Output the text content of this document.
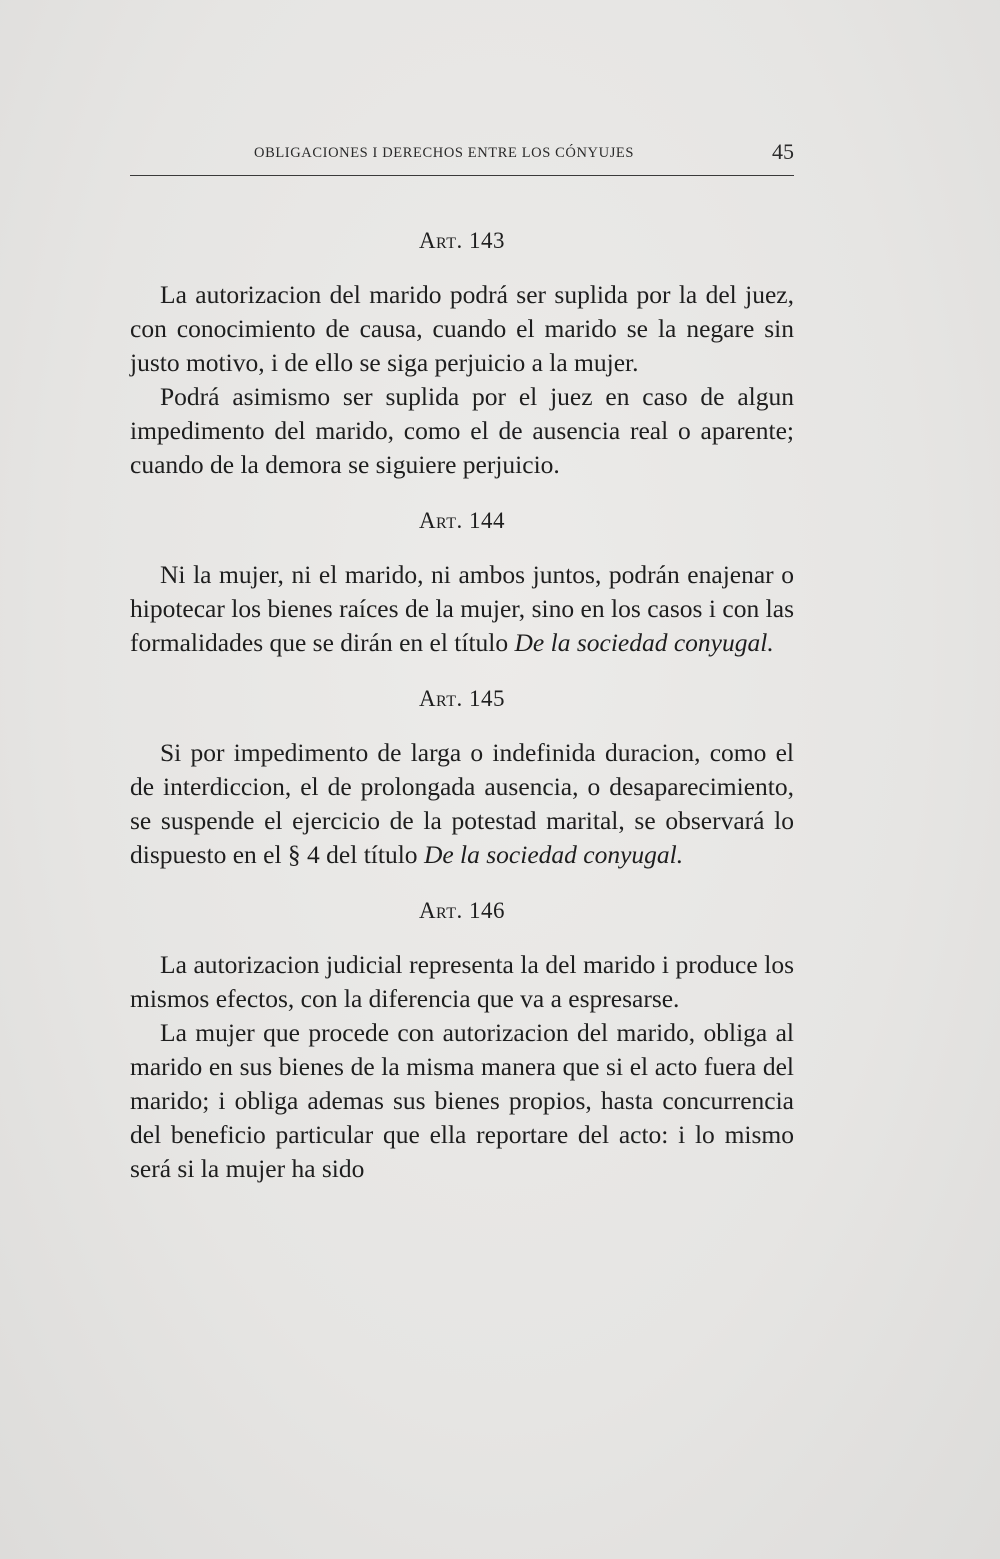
OBLIGACIONES I DERECHOS ENTRE LOS CÓNYUJES	45
Art. 143

La autorizacion del marido podrá ser suplida por la del juez, con conocimiento de causa, cuando el marido se la negare sin justo motivo, i de ello se siga perjuicio a la mujer.

Podrá asimismo ser suplida por el juez en caso de algun impedimento del marido, como el de ausencia real o aparente; cuando de la demora se siguiere perjuicio.

Art. 144

Ni la mujer, ni el marido, ni ambos juntos, podrán enajenar o hipotecar los bienes raíces de la mujer, sino en los casos i con las formalidades que se dirán en el título De la sociedad conyugal.

Art. 145

Si por impedimento de larga o indefinida duracion, como el de interdiccion, el de prolongada ausencia, o desaparecimiento, se suspende el ejercicio de la potestad marital, se observará lo dispuesto en el § 4 del título De la sociedad conyugal.

Art. 146

La autorizacion judicial representa la del marido i produce los mismos efectos, con la diferencia que va a espresarse.

La mujer que procede con autorizacion del marido, obliga al marido en sus bienes de la misma manera que si el acto fuera del marido; i obliga ademas sus bienes propios, hasta concurrencia del beneficio particular que ella reportare del acto: i lo mismo será si la mujer ha sido
